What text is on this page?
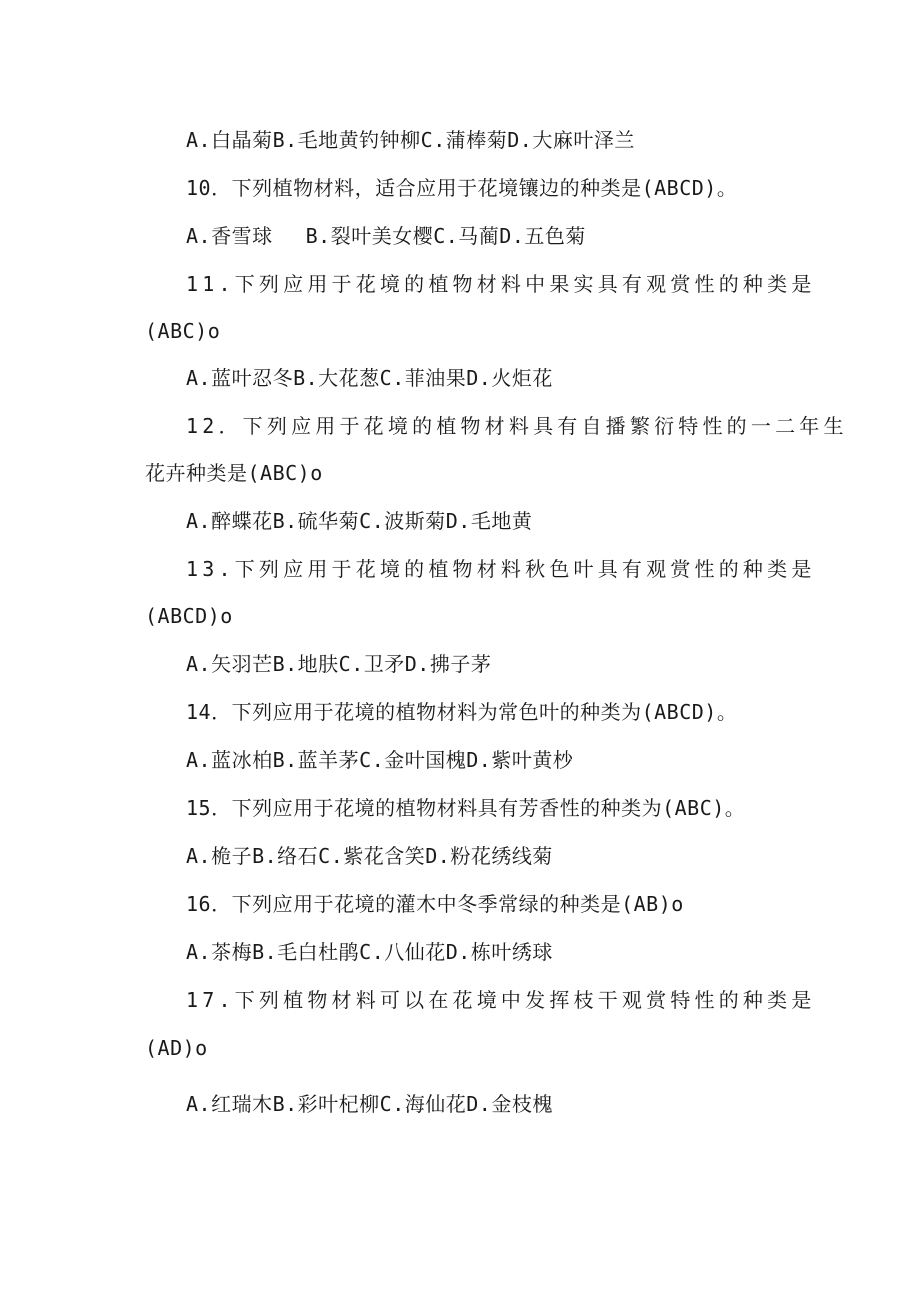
A.白晶菊B.毛地黄钓钟柳C.蒲棒菊D.大麻叶泽兰
10．下列植物材料，适合应用于花境镶边的种类是(ABCD)。
A.香雪球　 B.裂叶美女樱C.马蔺D.五色菊
11.下列应用于花境的植物材料中果实具有观赏性的种类是
(ABC)o
A.蓝叶忍冬B.大花葱C.菲油果D.火炬花
12．下列应用于花境的植物材料具有自播繁衍特性的一二年生
花卉种类是(ABC)o
A.醉蝶花B.硫华菊C.波斯菊D.毛地黄
13.下列应用于花境的植物材料秋色叶具有观赏性的种类是
(ABCD)o
A.矢羽芒B.地肤C.卫矛D.拂子茅
14．下列应用于花境的植物材料为常色叶的种类为(ABCD)。
A.蓝冰柏B.蓝羊茅C.金叶国槐D.紫叶黄杪
15．下列应用于花境的植物材料具有芳香性的种类为(ABC)。
A.桅子B.络石C.紫花含笑D.粉花绣线菊
16．下列应用于花境的灌木中冬季常绿的种类是(AB)o
A.茶梅B.毛白杜鹃C.八仙花D.栋叶绣球
17.下列植物材料可以在花境中发挥枝干观赏特性的种类是
(AD)o
A.红瑞木B.彩叶杞柳C.海仙花D.金枝槐
